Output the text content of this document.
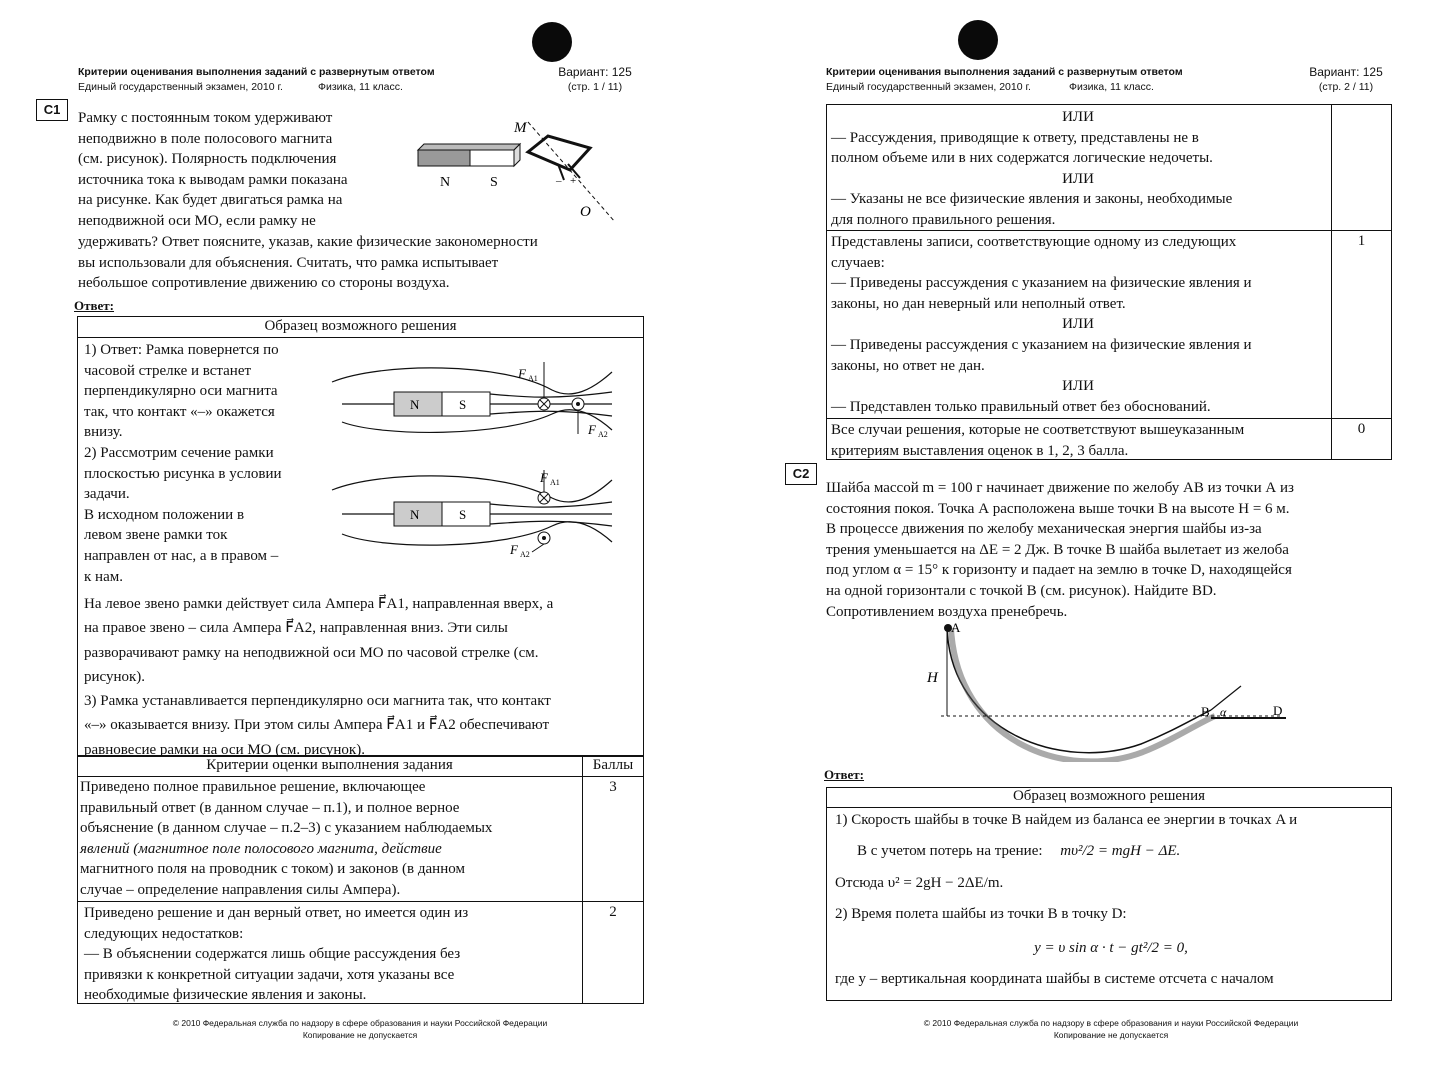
Критерии оценивания выполнения заданий с развернутым ответом
Единый государственный экзамен, 2010 г.	Физика, 11 класс.
Вариант: 125
(стр. 1 / 11)
C1
Рамку с постоянным током удерживают
неподвижно в поле полосового магнита
(см. рисунок). Полярность подключения
источника тока к выводам рамки показана
на рисунке. Как будет двигаться рамка на
неподвижной оси МО, если рамку не
удерживать? Ответ поясните, указав, какие физические закономерности
вы использовали для объяснения. Считать, что рамка испытывает
небольшое сопротивление движению со стороны воздуха.
M
O
N	S	– +
Ответ:
Образец возможного решения
1) Ответ: Рамка повернется по
часовой стрелке и встанет
перпендикулярно оси магнита
так, что контакт «–» окажется
внизу.
2) Рассмотрим сечение рамки
плоскостью рисунка в условии
задачи.
В исходном положении в
левом звене рамки ток
направлен от нас, а в правом –
к нам.
N	S
N	S
F A1
F A2
F A1
F A2
На левое звено рамки действует сила Ампера F⃗A1, направленная вверх, а
на правое звено – сила Ампера F⃗A2, направленная вниз. Эти силы
разворачивают рамку на неподвижной оси MO по часовой стрелке (см.
рисунок).
3) Рамка устанавливается перпендикулярно оси магнита так, что контакт
«–» оказывается внизу. При этом силы Ампера F⃗A1 и F⃗A2 обеспечивают
равновесие рамки на оси MO (см. рисунок).
Критерии оценки выполнения задания	Баллы
Приведено полное правильное решение, включающее
правильный ответ (в данном случае – п.1), и полное верное
объяснение (в данном случае – п.2–3) с указанием наблюдаемых
явлений (магнитное поле полосового магнита, действие
магнитного поля на проводник с током) и законов (в данном
случае – определение направления силы Ампера).
3
Приведено решение и дан верный ответ, но имеется один из
следующих недостатков:
— В объяснении содержатся лишь общие рассуждения без
привязки к конкретной ситуации задачи, хотя указаны все
необходимые физические явления и законы.
2
© 2010 Федеральная служба по надзору в сфере образования и науки Российской Федерации
Копирование не допускается
Критерии оценивания выполнения заданий с развернутым ответом
Единый государственный экзамен, 2010 г.	Физика, 11 класс.
Вариант: 125
(стр. 2 / 11)
ИЛИ
— Рассуждения, приводящие к ответу, представлены не в
полном объеме или в них содержатся логические недочеты.
ИЛИ
— Указаны не все физические явления и законы, необходимые
для полного правильного решения.
Представлены записи, соответствующие одному из следующих
случаев:
— Приведены рассуждения с указанием на физические явления и
законы, но дан неверный или неполный ответ.
ИЛИ
— Приведены рассуждения с указанием на физические явления и
законы, но ответ не дан.
ИЛИ
— Представлен только правильный ответ без обоснований.
1
Все случаи решения, которые не соответствуют вышеуказанным
критериям выставления оценок в 1, 2, 3 балла.
0
C2
Шайба массой m = 100 г начинает движение по желобу АВ из точки А из
состояния покоя. Точка А расположена выше точки В на высоте H = 6 м.
В процессе движения по желобу механическая энергия шайбы из-за
трения уменьшается на ΔE = 2 Дж. В точке В шайба вылетает из желоба
под углом α = 15° к горизонту и падает на землю в точке D, находящейся
на одной горизонтали с точкой В (см. рисунок). Найдите BD.
Сопротивлением воздуха пренебречь.
A
H
B α	D
Ответ:
Образец возможного решения
1) Скорость шайбы в точке B найдем из баланса ее энергии в точках A и
B с учетом потерь на трение: mυ²/2 = mgH − ΔE.
Отсюда υ² = 2gH − 2ΔE/m.
2) Время полета шайбы из точки B в точку D:
y = υ sin α · t − gt²/2 = 0,
где y – вертикальная координата шайбы в системе отсчета с началом
© 2010 Федеральная служба по надзору в сфере образования и науки Российской Федерации
Копирование не допускается
